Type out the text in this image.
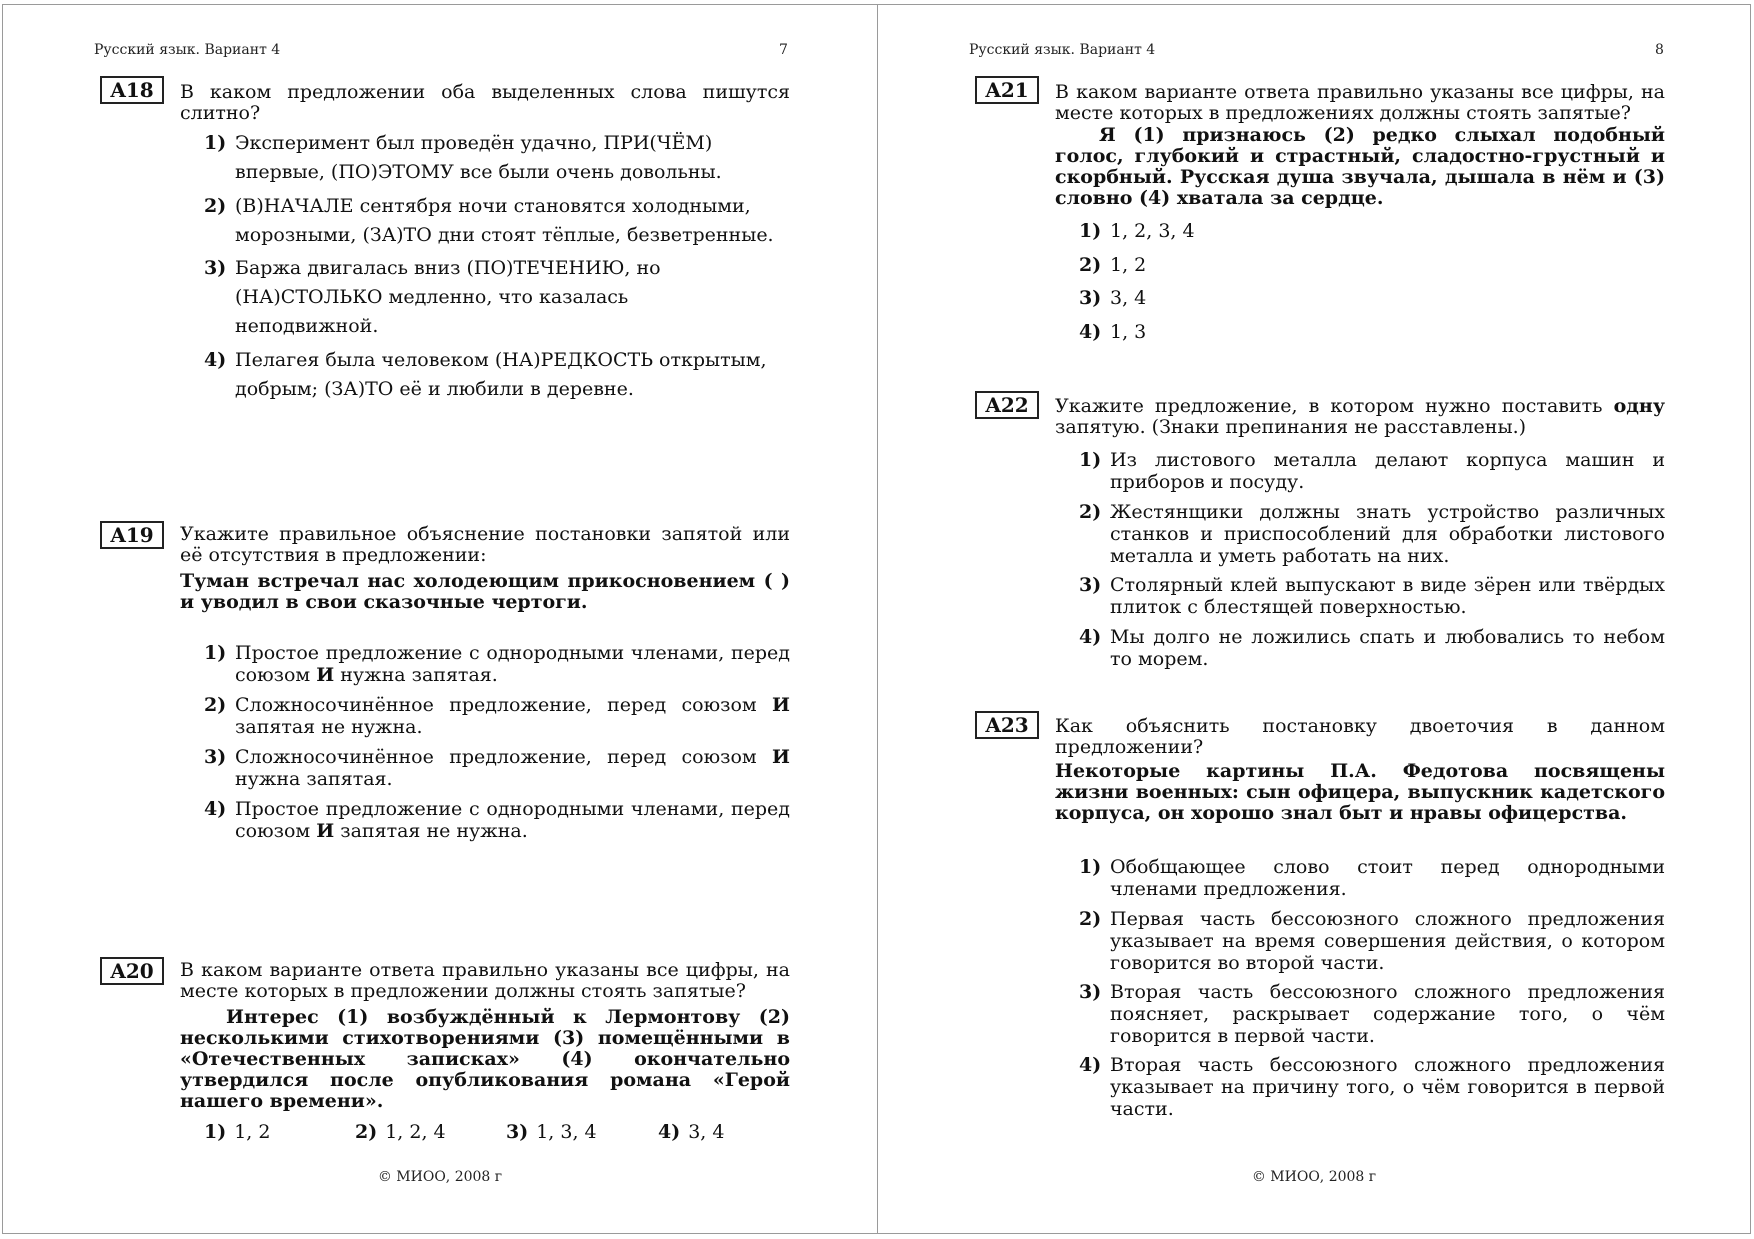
Русский язык. Вариант 4	7
A18	В каком предложении оба выделенных слова пишутся слитно?
1) Эксперимент был проведён удачно, ПРИ(ЧЁМ)
впервые, (ПО)ЭТОМУ все были очень довольны.
2) (В)НАЧАЛЕ сентября ночи становятся холодными,
морозными, (ЗА)ТО дни стоят тёплые, безветренные.
3) Баржа двигалась вниз (ПО)ТЕЧЕНИЮ, но
(НА)СТОЛЬКО медленно, что казалась
неподвижной.
4) Пелагея была человеком (НА)РЕДКОСТЬ открытым,
добрым; (ЗА)ТО её и любили в деревне.
A19	Укажите правильное объяснение постановки запятой или её отсутствия в предложении:
Туман встречал нас холодеющим прикосновением ( ) и уводил в свои сказочные чертоги.
1) Простое предложение с однородными членами, перед союзом И нужна запятая.
2) Сложносочинённое предложение, перед союзом И запятая не нужна.
3) Сложносочинённое предложение, перед союзом И нужна запятая.
4) Простое предложение с однородными членами, перед союзом И запятая не нужна.
A20	В каком варианте ответа правильно указаны все цифры, на месте которых в предложении должны стоять запятые?
Интерес (1) возбуждённый к Лермонтову (2) несколькими стихотворениями (3) помещёнными в «Отечественных записках» (4) окончательно утвердился после опубликования романа «Герой нашего времени».
1) 1, 2	2) 1, 2, 4	3) 1, 3, 4	4) 3, 4
© МИОО, 2008 г
Русский язык. Вариант 4	8
A21	В каком варианте ответа правильно указаны все цифры, на месте которых в предложениях должны стоять запятые?
Я (1) признаюсь (2) редко слыхал подобный голос, глубокий и страстный, сладостно-грустный и скорбный. Русская душа звучала, дышала в нём и (3) словно (4) хватала за сердце.
1) 1, 2, 3, 4
2) 1, 2
3) 3, 4
4) 1, 3
A22	Укажите предложение, в котором нужно поставить одну запятую. (Знаки препинания не расставлены.)
1) Из листового металла делают корпуса машин и приборов и посуду.
2) Жестянщики должны знать устройство различных станков и приспособлений для обработки листового металла и уметь работать на них.
3) Столярный клей выпускают в виде зёрен или твёрдых плиток с блестящей поверхностью.
4) Мы долго не ложились спать и любовались то небом то морем.
A23	Как объяснить постановку двоеточия в данном предложении?
Некоторые картины П.А. Федотова посвящены жизни военных: сын офицера, выпускник кадетского корпуса, он хорошо знал быт и нравы офицерства.
1) Обобщающее слово стоит перед однородными членами предложения.
2) Первая часть бессоюзного сложного предложения указывает на время совершения действия, о котором говорится во второй части.
3) Вторая часть бессоюзного сложного предложения поясняет, раскрывает содержание того, о чём говорится в первой части.
4) Вторая часть бессоюзного сложного предложения указывает на причину того, о чём говорится в первой части.
© МИОО, 2008 г
